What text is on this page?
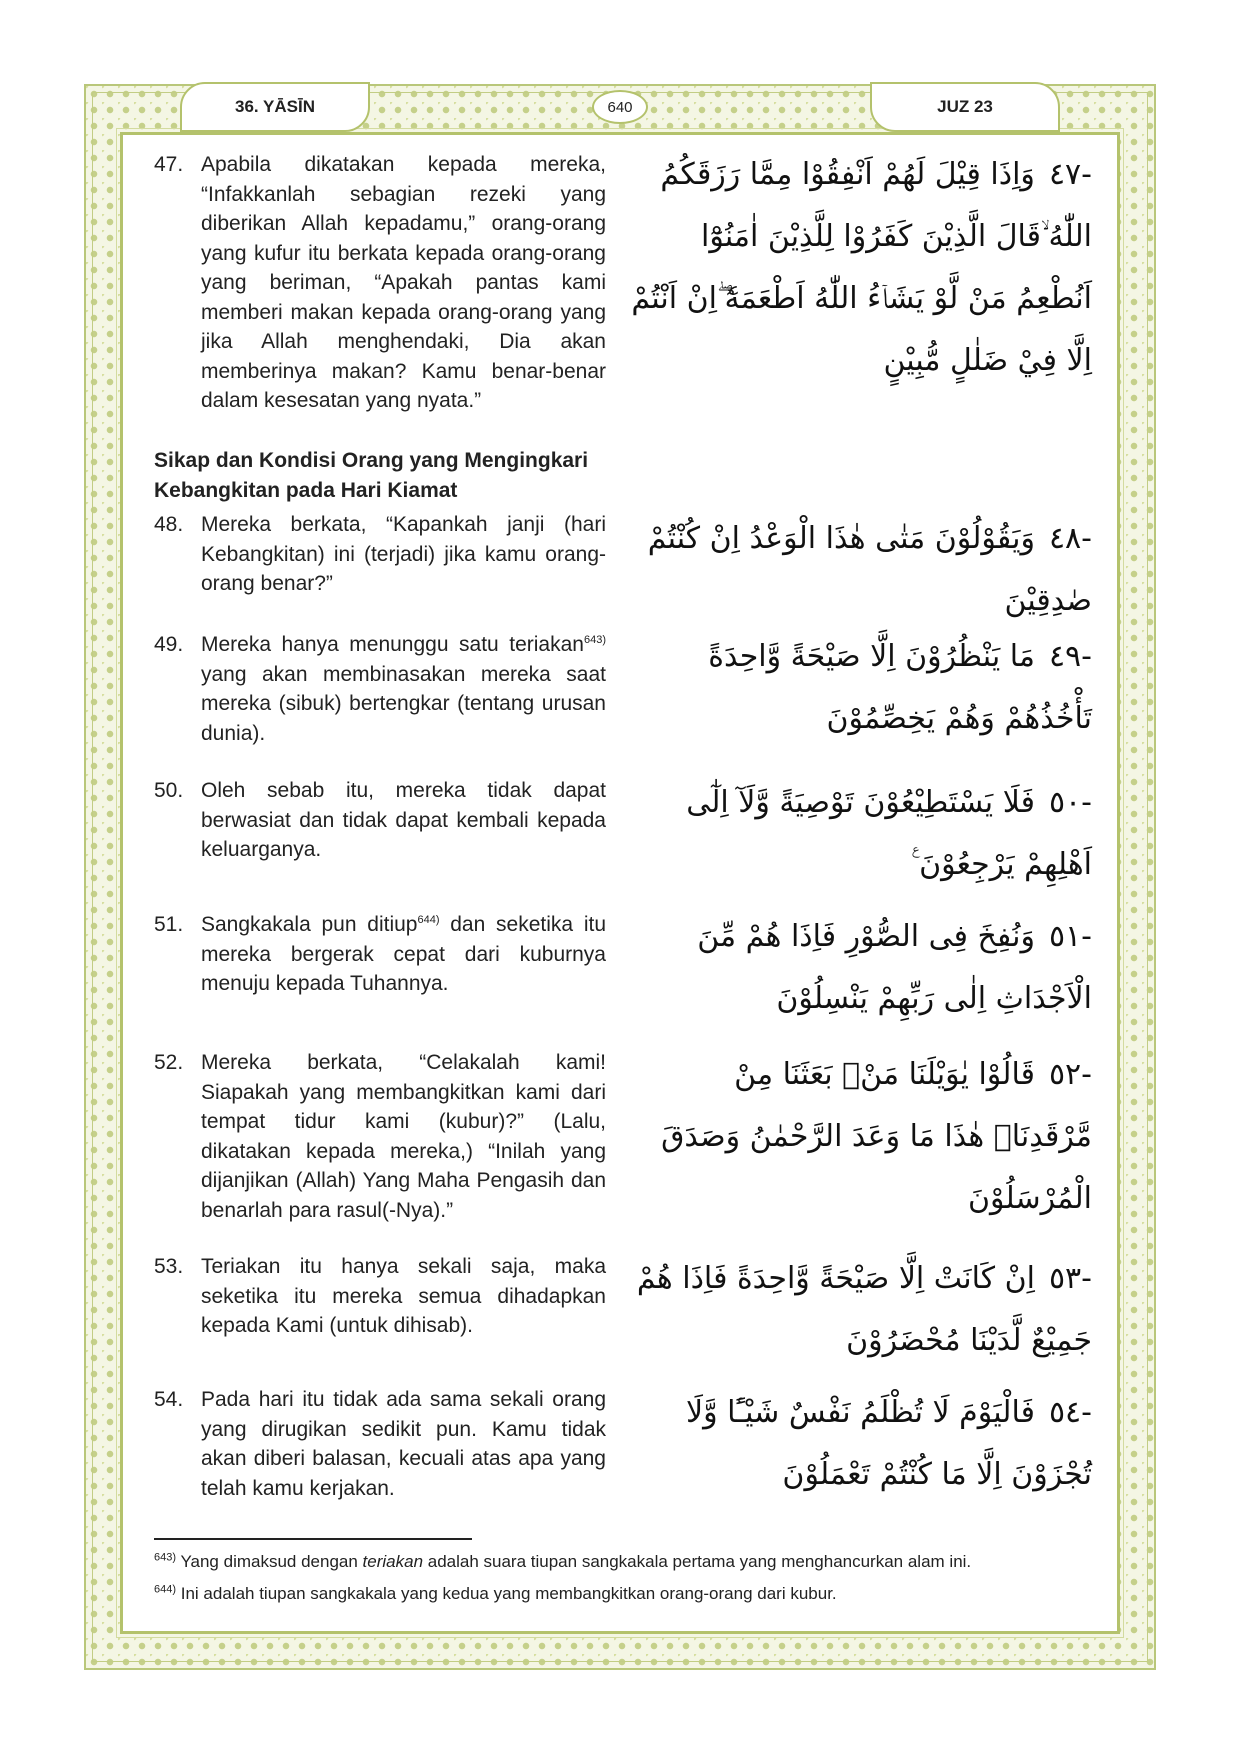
36. YĀSĪN	640	JUZ 23
47. Apabila dikatakan kepada mereka, “Infakkanlah sebagian rezeki yang diberikan Allah kepadamu,” orang-orang yang kufur itu berkata kepada orang-orang yang beriman, “Apakah pantas kami memberi makan kepada orang-orang yang jika Allah menghendaki, Dia akan memberinya makan? Kamu benar-benar dalam kesesatan yang nyata.”
-٤٧وَاِذَا قِيْلَ لَهُمْ اَنْفِقُوْا مِمَّا رَزَقَكُمُ اللّٰهُ ۙقَالَ الَّذِيْنَ كَفَرُوْا لِلَّذِيْنَ اٰمَنُوْٓا اَنُطْعِمُ مَنْ لَّوْ يَشَاۤءُ اللّٰهُ اَطْعَمَهٗٓ ۖاِنْ اَنْتُمْ اِلَّا فِيْ ضَلٰلٍ مُّبِيْنٍ
Sikap dan Kondisi Orang yang Mengingkari Kebangkitan pada Hari Kiamat
48. Mereka berkata, “Kapankah janji (hari Kebangkitan) ini (terjadi) jika kamu orang-orang benar?”
-٤٨وَيَقُوْلُوْنَ مَتٰى هٰذَا الْوَعْدُ اِنْ كُنْتُمْ صٰدِقِيْنَ
49. Mereka hanya menunggu satu teriakan$^{643)}$ yang akan membinasakan mereka saat mereka (sibuk) bertengkar (tentang urusan dunia).
-٤٩مَا يَنْظُرُوْنَ اِلَّا صَيْحَةً وَّاحِدَةً تَأْخُذُهُمْ وَهُمْ يَخِصِّمُوْنَ
50. Oleh sebab itu, mereka tidak dapat berwasiat dan tidak dapat kembali kepada keluarganya.
-٥٠فَلَا يَسْتَطِيْعُوْنَ تَوْصِيَةً وَّلَآ اِلٰٓى اَهْلِهِمْ يَرْجِعُوْنَ ࣖ
51. Sangkakala pun ditiup$^{644)}$ dan seketika itu mereka bergerak cepat dari kuburnya menuju kepada Tuhannya.
-٥١وَنُفِخَ فِى الصُّوْرِ فَاِذَا هُمْ مِّنَ الْاَجْدَاثِ اِلٰى رَبِّهِمْ يَنْسِلُوْنَ
52. Mereka berkata, “Celakalah kami! Siapakah yang membangkitkan kami dari tempat tidur kami (kubur)?” (Lalu, dikatakan kepada mereka,) “Inilah yang dijanjikan (Allah) Yang Maha Pengasih dan benarlah para rasul(-Nya).”
-٥٢قَالُوْا يٰوَيْلَنَا مَنْۢ بَعَثَنَا مِنْ مَّرْقَدِنَاۜ هٰذَا مَا وَعَدَ الرَّحْمٰنُ وَصَدَقَ الْمُرْسَلُوْنَ
53. Teriakan itu hanya sekali saja, maka seketika itu mereka semua dihadapkan kepada Kami (untuk dihisab).
-٥٣اِنْ كَانَتْ اِلَّا صَيْحَةً وَّاحِدَةً فَاِذَا هُمْ جَمِيْعٌ لَّدَيْنَا مُحْضَرُوْنَ
54. Pada hari itu tidak ada sama sekali orang yang dirugikan sedikit pun. Kamu tidak akan diberi balasan, kecuali atas apa yang telah kamu kerjakan.
-٥٤فَالْيَوْمَ لَا تُظْلَمُ نَفْسٌ شَيْـًٔا وَّلَا تُجْزَوْنَ اِلَّا مَا كُنْتُمْ تَعْمَلُوْنَ
$^{643)}$ Yang dimaksud dengan teriakan adalah suara tiupan sangkakala pertama yang menghancurkan alam ini.
$^{644)}$ Ini adalah tiupan sangkakala yang kedua yang membangkitkan orang-orang dari kubur.
